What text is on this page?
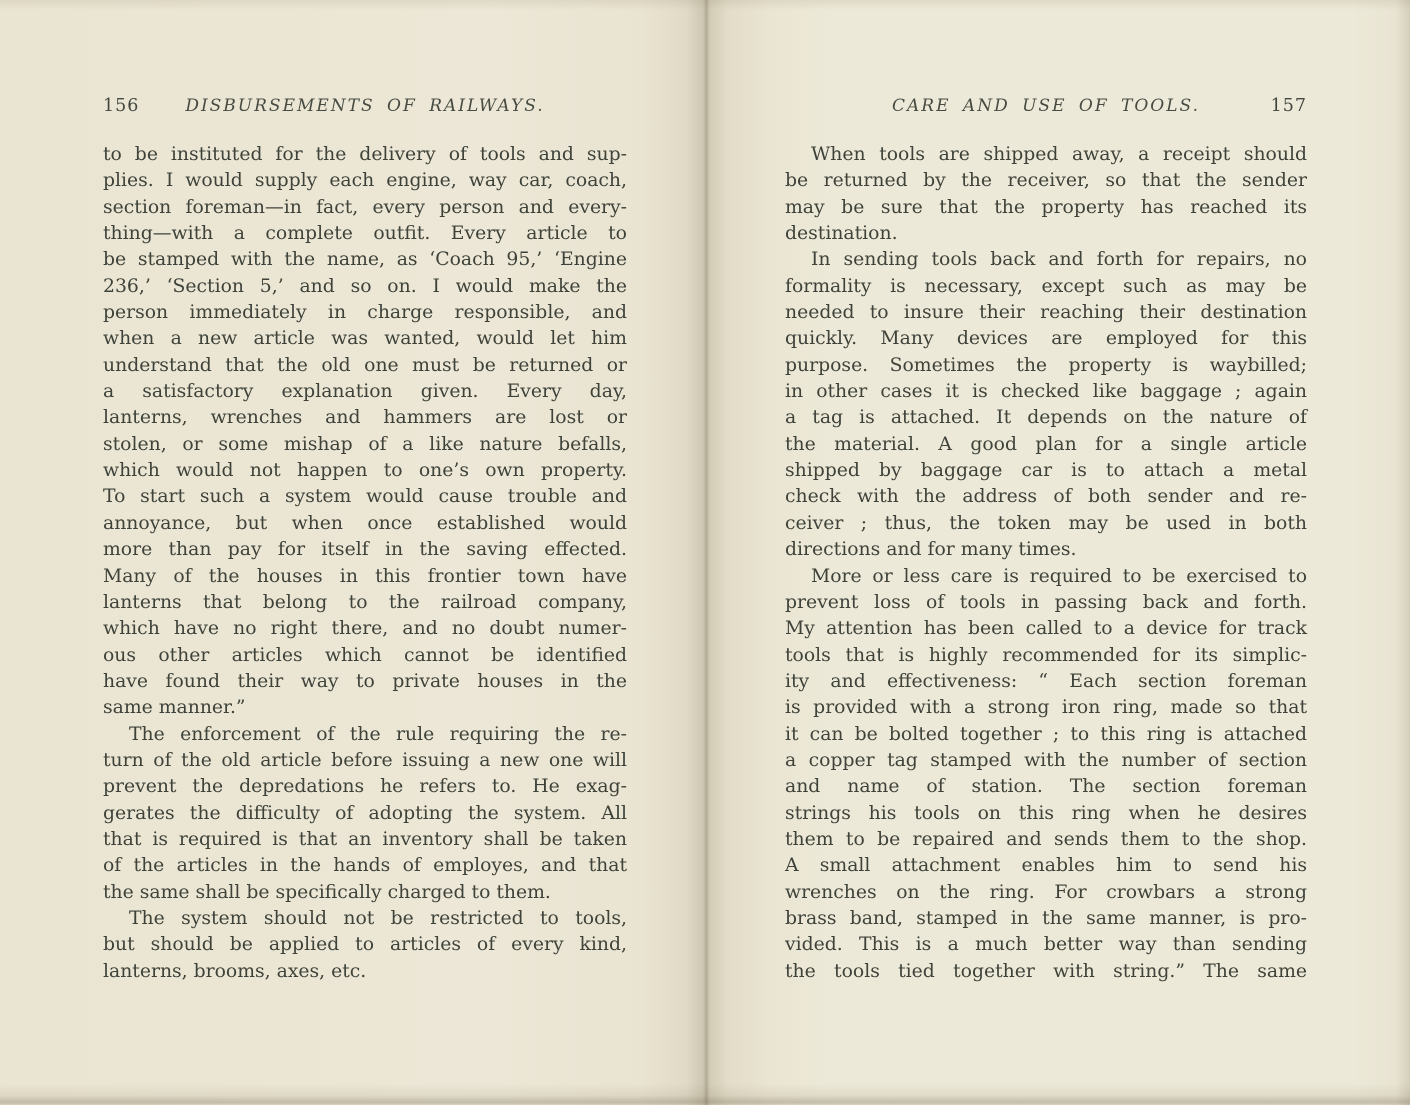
156	DISBURSEMENTS OF RAILWAYS.
to be instituted for the delivery of tools and sup-
plies. I would supply each engine, way car, coach,
section foreman—in fact, every person and every-
thing—with a complete outfit. Every article to
be stamped with the name, as ‘Coach 95,’ ‘Engine
236,’ ‘Section 5,’ and so on. I would make the
person immediately in charge responsible, and
when a new article was wanted, would let him
understand that the old one must be returned or
a satisfactory explanation given. Every day,
lanterns, wrenches and hammers are lost or
stolen, or some mishap of a like nature befalls,
which would not happen to one’s own property.
To start such a system would cause trouble and
annoyance, but when once established would
more than pay for itself in the saving effected.
Many of the houses in this frontier town have
lanterns that belong to the railroad company,
which have no right there, and no doubt numer-
ous other articles which cannot be identified
have found their way to private houses in the
same manner.”
The enforcement of the rule requiring the re-
turn of the old article before issuing a new one will
prevent the depredations he refers to. He exag-
gerates the difficulty of adopting the system. All
that is required is that an inventory shall be taken
of the articles in the hands of employes, and that
the same shall be specifically charged to them.
The system should not be restricted to tools,
but should be applied to articles of every kind,
lanterns, brooms, axes, etc.
CARE AND USE OF TOOLS.	157
When tools are shipped away, a receipt should
be returned by the receiver, so that the sender
may be sure that the property has reached its
destination.
In sending tools back and forth for repairs, no
formality is necessary, except such as may be
needed to insure their reaching their destination
quickly. Many devices are employed for this
purpose. Sometimes the property is waybilled;
in other cases it is checked like baggage ; again
a tag is attached. It depends on the nature of
the material. A good plan for a single article
shipped by baggage car is to attach a metal
check with the address of both sender and re-
ceiver ; thus, the token may be used in both
directions and for many times.
More or less care is required to be exercised to
prevent loss of tools in passing back and forth.
My attention has been called to a device for track
tools that is highly recommended for its simplic-
ity and effectiveness: “ Each section foreman
is provided with a strong iron ring, made so that
it can be bolted together ; to this ring is attached
a copper tag stamped with the number of section
and name of station. The section foreman
strings his tools on this ring when he desires
them to be repaired and sends them to the shop.
A small attachment enables him to send his
wrenches on the ring. For crowbars a strong
brass band, stamped in the same manner, is pro-
vided. This is a much better way than sending
the tools tied together with string.” The same
